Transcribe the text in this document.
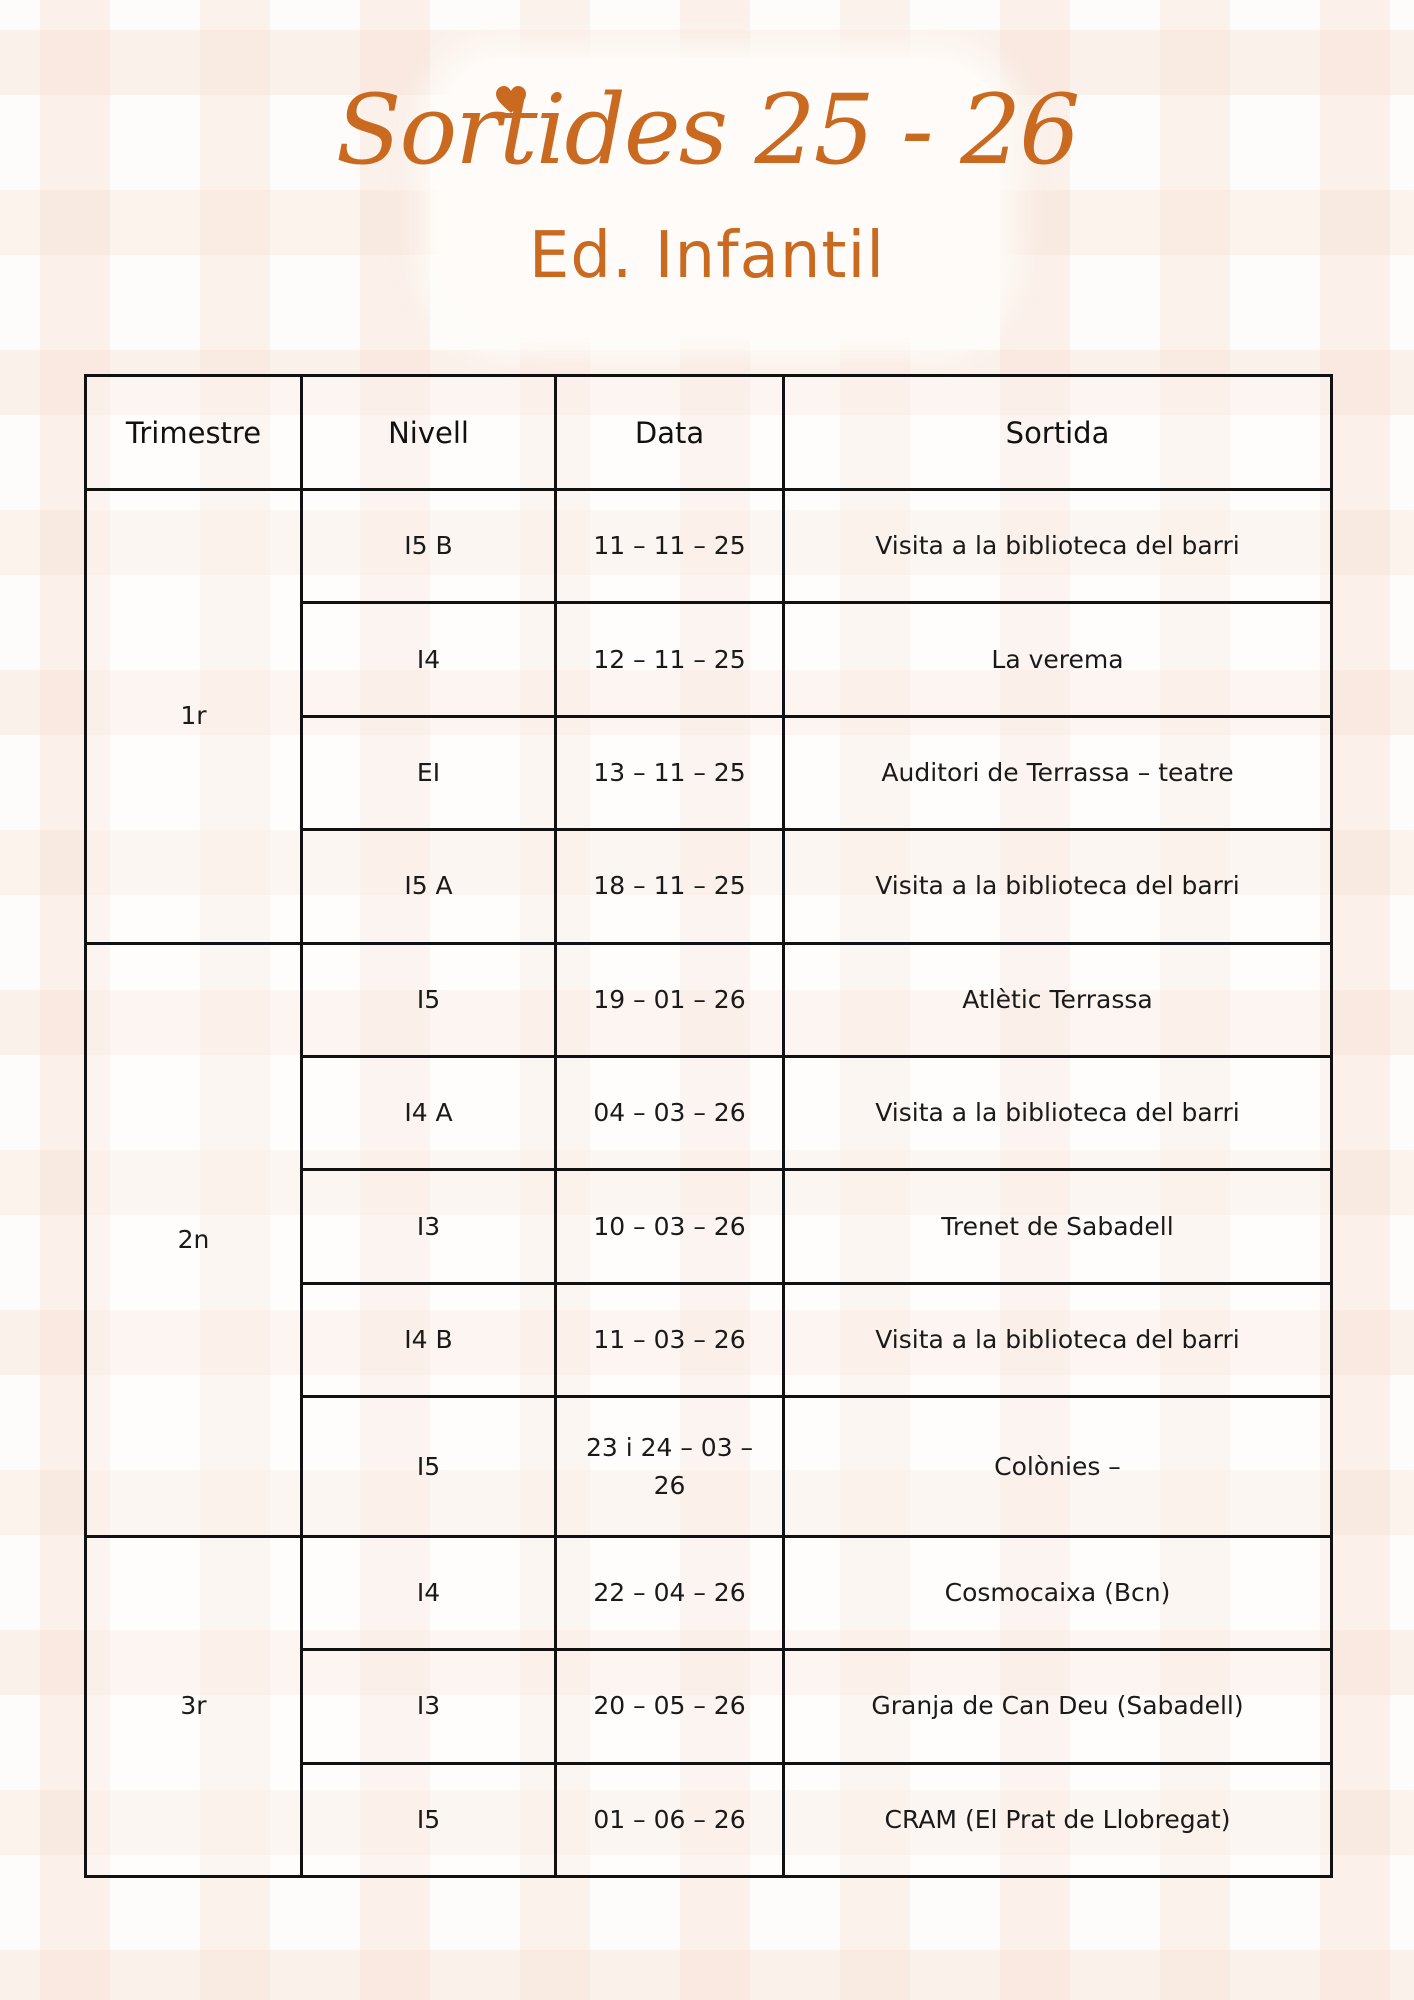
Sortides 25 - 26
Ed. Infantil
Trimestre	Nivell	Data	Sortida
1r	I5 B	11 – 11 – 25	Visita a la biblioteca del barri
	I4	12 – 11 – 25	La verema
	EI	13 – 11 – 25	Auditori de Terrassa – teatre
	I5 A	18 – 11 – 25	Visita a la biblioteca del barri
2n	I5	19 – 01 – 26	Atlètic Terrassa
	I4 A	04 – 03 – 26	Visita a la biblioteca del barri
	I3	10 – 03 – 26	Trenet de Sabadell
	I4 B	11 – 03 – 26	Visita a la biblioteca del barri
	I5	23 i 24 – 03 – 26	Colònies –
3r	I4	22 – 04 – 26	Cosmocaixa (Bcn)
	I3	20 – 05 – 26	Granja de Can Deu (Sabadell)
	I5	01 – 06 – 26	CRAM (El Prat de Llobregat)
